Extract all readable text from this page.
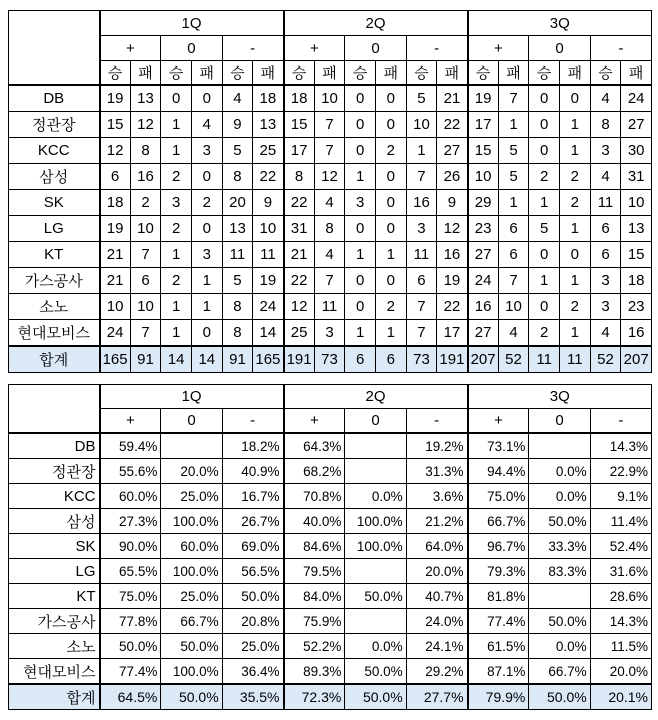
	1Q						2Q						3Q					
	+		0		-		+		0		-		+		0		-	
	승	패	승	패	승	패	승	패	승	패	승	패	승	패	승	패	승	패
DB	19	13	0	0	4	18	18	10	0	0	5	21	19	7	0	0	4	24
정관장	15	12	1	4	9	13	15	7	0	0	10	22	17	1	0	1	8	27
KCC	12	8	1	3	5	25	17	7	0	2	1	27	15	5	0	1	3	30
삼성	6	16	2	0	8	22	8	12	1	0	7	26	10	5	2	2	4	31
SK	18	2	3	2	20	9	22	4	3	0	16	9	29	1	1	2	11	10
LG	19	10	2	0	13	10	31	8	0	0	3	12	23	6	5	1	6	13
KT	21	7	1	3	11	11	21	4	1	1	11	16	27	6	0	0	6	15
가스공사	21	6	2	1	5	19	22	7	0	0	6	19	24	7	1	1	3	18
소노	10	10	1	1	8	24	12	11	0	2	7	22	16	10	0	2	3	23
현대모비스	24	7	1	0	8	14	25	3	1	1	7	17	27	4	2	1	4	16
합계	165	91	14	14	91	165	191	73	6	6	73	191	207	52	11	11	52	207
	1Q			2Q			3Q		
	+	0	-	+	0	-	+	0	-
DB	59.4%		18.2%	64.3%		19.2%	73.1%		14.3%
정관장	55.6%	20.0%	40.9%	68.2%		31.3%	94.4%	0.0%	22.9%
KCC	60.0%	25.0%	16.7%	70.8%	0.0%	3.6%	75.0%	0.0%	9.1%
삼성	27.3%	100.0%	26.7%	40.0%	100.0%	21.2%	66.7%	50.0%	11.4%
SK	90.0%	60.0%	69.0%	84.6%	100.0%	64.0%	96.7%	33.3%	52.4%
LG	65.5%	100.0%	56.5%	79.5%		20.0%	79.3%	83.3%	31.6%
KT	75.0%	25.0%	50.0%	84.0%	50.0%	40.7%	81.8%		28.6%
가스공사	77.8%	66.7%	20.8%	75.9%		24.0%	77.4%	50.0%	14.3%
소노	50.0%	50.0%	25.0%	52.2%	0.0%	24.1%	61.5%	0.0%	11.5%
현대모비스	77.4%	100.0%	36.4%	89.3%	50.0%	29.2%	87.1%	66.7%	20.0%
합계	64.5%	50.0%	35.5%	72.3%	50.0%	27.7%	79.9%	50.0%	20.1%
